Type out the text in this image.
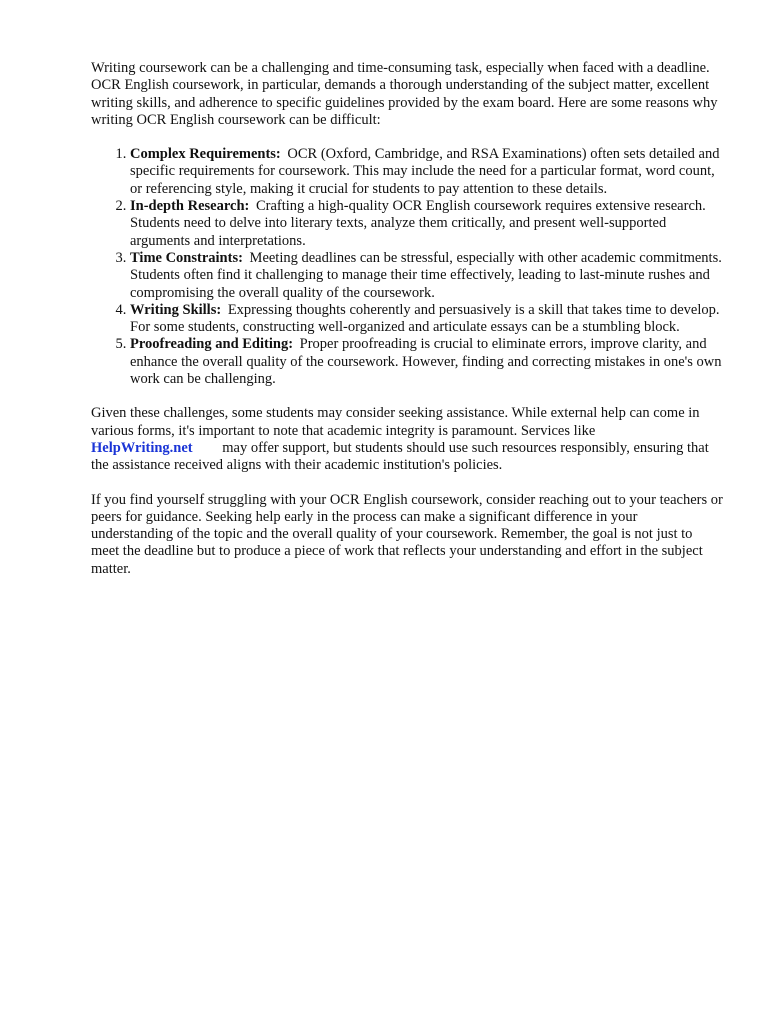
Writing coursework can be a challenging and time-consuming task, especially when faced with a deadline. OCR English coursework, in particular, demands a thorough understanding of the subject matter, excellent writing skills, and adherence to specific guidelines provided by the exam board. Here are some reasons why writing OCR English coursework can be difficult:

1. Complex Requirements: OCR (Oxford, Cambridge, and RSA Examinations) often sets detailed and specific requirements for coursework. This may include the need for a particular format, word count, or referencing style, making it crucial for students to pay attention to these details.
2. In-depth Research: Crafting a high-quality OCR English coursework requires extensive research. Students need to delve into literary texts, analyze them critically, and present well-supported arguments and interpretations.
3. Time Constraints: Meeting deadlines can be stressful, especially with other academic commitments. Students often find it challenging to manage their time effectively, leading to last-minute rushes and compromising the overall quality of the coursework.
4. Writing Skills: Expressing thoughts coherently and persuasively is a skill that takes time to develop. For some students, constructing well-organized and articulate essays can be a stumbling block.
5. Proofreading and Editing: Proper proofreading is crucial to eliminate errors, improve clarity, and enhance the overall quality of the coursework. However, finding and correcting mistakes in one's own work can be challenging.

Given these challenges, some students may consider seeking assistance. While external help can come in various forms, it's important to note that academic integrity is paramount. Services like HelpWriting.net may offer support, but students should use such resources responsibly, ensuring that the assistance received aligns with their academic institution's policies.

If you find yourself struggling with your OCR English coursework, consider reaching out to your teachers or peers for guidance. Seeking help early in the process can make a significant difference in your understanding of the topic and the overall quality of your coursework. Remember, the goal is not just to meet the deadline but to produce a piece of work that reflects your understanding and effort in the subject matter.
